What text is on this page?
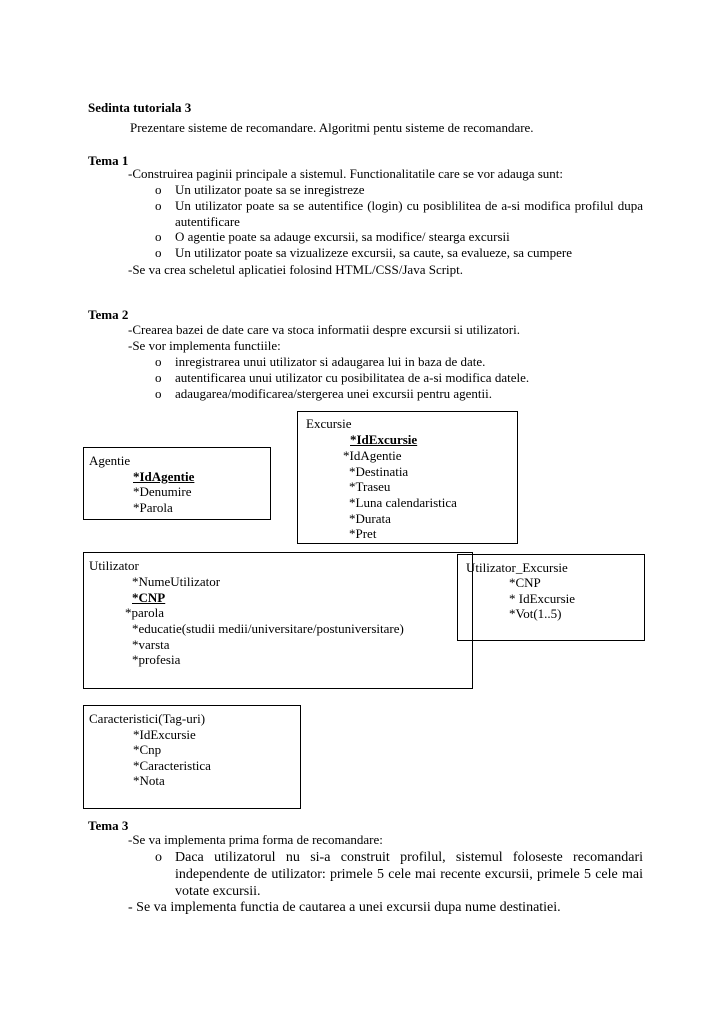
Sedinta tutoriala 3
Prezentare sisteme de recomandare. Algoritmi pentu sisteme de recomandare.
Tema 1
-Construirea paginii principale a sistemul. Functionalitatile care se vor adauga sunt:
o Un utilizator poate sa se inregistreze
o Un utilizator poate sa se autentifice (login) cu posiblilitea de a-si modifica profilul dupa autentificare
o O agentie poate sa adauge excursii, sa modifice/ stearga excursii
o Un utilizator poate sa vizualizeze excursii, sa caute, sa evalueze, sa cumpere
-Se va crea scheletul aplicatiei folosind HTML/CSS/Java Script.
Tema 2
-Crearea bazei de date care va stoca informatii despre excursii si utilizatori.
-Se vor implementa functiile:
o inregistrarea unui utilizator si adaugarea lui in baza de date.
o autentificarea unui utilizator cu posibilitatea de a-si modifica datele.
o adaugarea/modificarea/stergerea unei excursii pentru agentii.
Excursie
*IdExcursie
*IdAgentie
*Destinatia
*Traseu
*Luna calendaristica
*Durata
*Pret
Agentie
*IdAgentie
*Denumire
*Parola
Utilizator
*NumeUtilizator
*CNP
*parola
*educatie(studii medii/universitare/postuniversitare)
*varsta
*profesia
Utilizator_Excursie
*CNP
* IdExcursie
*Vot(1..5)
Caracteristici(Tag-uri)
*IdExcursie
*Cnp
*Caracteristica
*Nota
Tema 3
-Se va implementa prima forma de recomandare:
o Daca utilizatorul nu si-a construit profilul, sistemul foloseste recomandari independente de utilizator: primele 5 cele mai recente excursii, primele 5 cele mai votate excursii.
- Se va implementa functia de cautarea a unei excursii dupa nume destinatiei.
